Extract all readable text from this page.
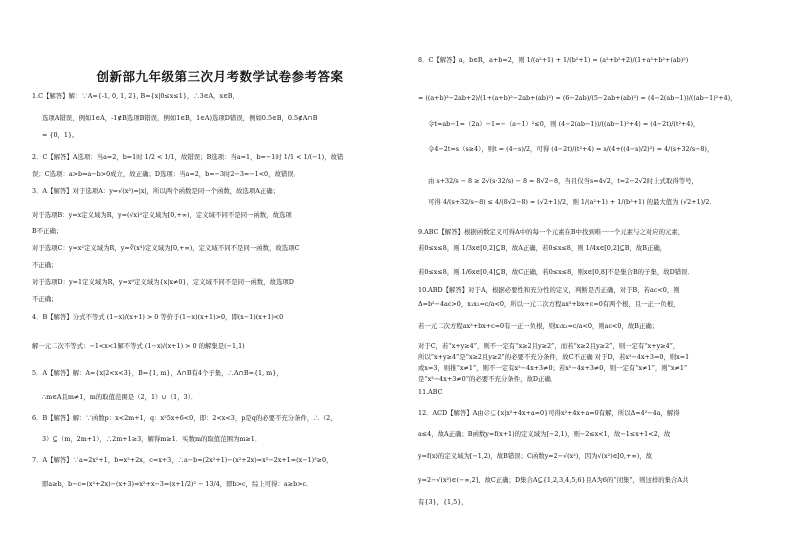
创新部九年级第三次月考数学试卷参考答案
1.C【解答】解：∵A={-1, 0, 1, 2}, B={x|0≤x≤1}，∴3∈A，x∈B，
选项A错误，例如1∈A，-1∉B选项B错误，例如1∈B，1∈A)选项D错误，例如0.5∈B，0.5∉A∩B
= {0，1}。
2．C【解答】A选项：当a=2，b=1时 1/2 < 1/1，故错误；B选项：当a=1，b=−1时 1/1 < 1/(−1)，故错
误；C选项：a>b⇒a−b>0成立，故正确；D选项：当a=2，b=−3时2−3=−1<0，故错误．
3．A【解答】对于选项A：y=√(x²)=|x|，所以两个函数是同一个函数，故选项A正确；
对于选项B：y=x定义域为R，y=(√x)²定义域为[0,+∞)，定义域不同不是同一函数，故选项
B不正确；
对于选项C：y=x²定义域为R，y=∛(x³)定义域为[0,+∞)，定义域不同不是同一函数，故选项C
不正确；
对于选项D：y=1定义域为R，y=x⁰定义域为{x|x≠0}，定义域不同不是同一函数，故选项D
不正确；
4．B【解答】分式不等式 (1−x)/(x+1) > 0 等价于(1−x)(x+1)>0，即(x−1)(x+1)<0
解一元二次不等式：−1<x<1解不等式 (1−x)/(x+1) > 0 的解集是(−1,1)
5．A【解答】解：A={x|2<x<3}，B={1, m}，A∩B有4个子集，∴A∩B={1, m}，
∴m∈A且m≠1，m的取值范围是（2，1）∪（1，3）．
6．B【解答】解：∵函数p：x<2m+1，q：x²5x+6<0，即：2<x<3，p是q的必要不充分条件，∴（2，
3）⊆（m，2m+1），∴2m+1≥3，解得m≥1．实数m的取值范围为m≥1．
7．A【解答】∵a=2x²+1，b=x²+2x，c=x+3，∴a−b=(2x²+1)−(x²+2x)=x²−2x+1=(x−1)²≥0，
即a≥b，b−c=(x²+2x)−(x+3)=x²+x−3=(x+1/2)² − 13/4，即b>c，综上可得：a≥b>c．
8．C【解答】a，b∈R，a+b=2，则 1/(a²+1) + 1/(b²+1) = (a²+b²+2)/(1+a²+b²+(ab)²)
= ((a+b)²−2ab+2)/(1+(a+b)²−2ab+(ab)²) = (6−2ab)/(5−2ab+(ab)²) = (4−2(ab−1))/((ab−1)²+4)，
令t=ab−1=（2a）−1=−（a−1）²≤0，则 (4−2(ab−1))/((ab−1)²+4) = (4−2t)/(t²+4)，
令4−2t=s（s≥4），则t = (4−s)/2，可得 (4−2t)/(t²+4) = s/(4+((4−s)/2)²) = 4/(s+32/s−8)，
由 s+32/s − 8 ≥ 2√(s·32/s) − 8 = 8√2−8，当且仅当s=4√2，t=2−2√2时上式取得等号，
可得 4/(s+32/s−8) ≤ 4/(8√2−8) = (√2+1)/2，则 1/(a²+1) + 1/(b²+1) 的最大值为 (√2+1)/2．
9.ABC【解答】根据函数定义可得A中的每一个元素在B中找到唯一一个元素与之对应的元素，
若0≤x≤8，则 1/3x∈[0,2]⊆B，故A正确，若0≤x≤8，则 1/4x∈[0,2]⊆B，故B正确，
若0≤x≤8，则 1/6x∈[0,4]⊆B，故C正确，若0≤x≤8，则x∈[0,8]不是集合B的子集，故D错误．
10.ABD【解答】对于A，根据必要性和充分性的定义，判断是否正确，对于B，若ac<0，则
Δ=b²−4ac>0，x₁x₂=c/a<0，所以一元二次方程ax²+bx+c=0有两个根，且一正一负根，
若一元二次方程ax²+bx+c=0有一正一负根，则x₁x₂=c/a<0，则ac<0，故B正确；
对于C，若“x+y≥4”，则不一定有“x≥2且y≥2”，而若“x≥2且y≥2”，则一定有“x+y≥4”，
所以“x+y≥4”是“x≥2且y≥2”的必要不充分条件，故C不正确 对于D，若x²−4x+3=0，则x=1
或x=3，则推“x≠1”，则不一定有x²−4x+3≠0；若x²−4x+3≠0，则一定有“x≠1”，则“x≠1”
是“x²−4x+3≠0”的必要不充分条件，故D正确．
11.ABC
12．ACD【解答】A由∅⊊{x|x²+4x+a=0}可得x²+4x+a=0有解，所以Δ=4²−4a，解得
a≤4，故A正确；B函数y=f(x+1)的定义域为[−2,1)，则−2≤x<1，故−1≤x+1<2，故
y=f(x)的定义域为[−1,2)，故B错误；C函数y=2−√(x²)，因为√(x²)∈[0,+∞)，故
y=2−√(x²)∈(−∞,2]，故C正确；D集合A⊆{1,2,3,4,5,6}且A为6的“闭集”，则这样的集合A共
有{3}，{1,5}，
